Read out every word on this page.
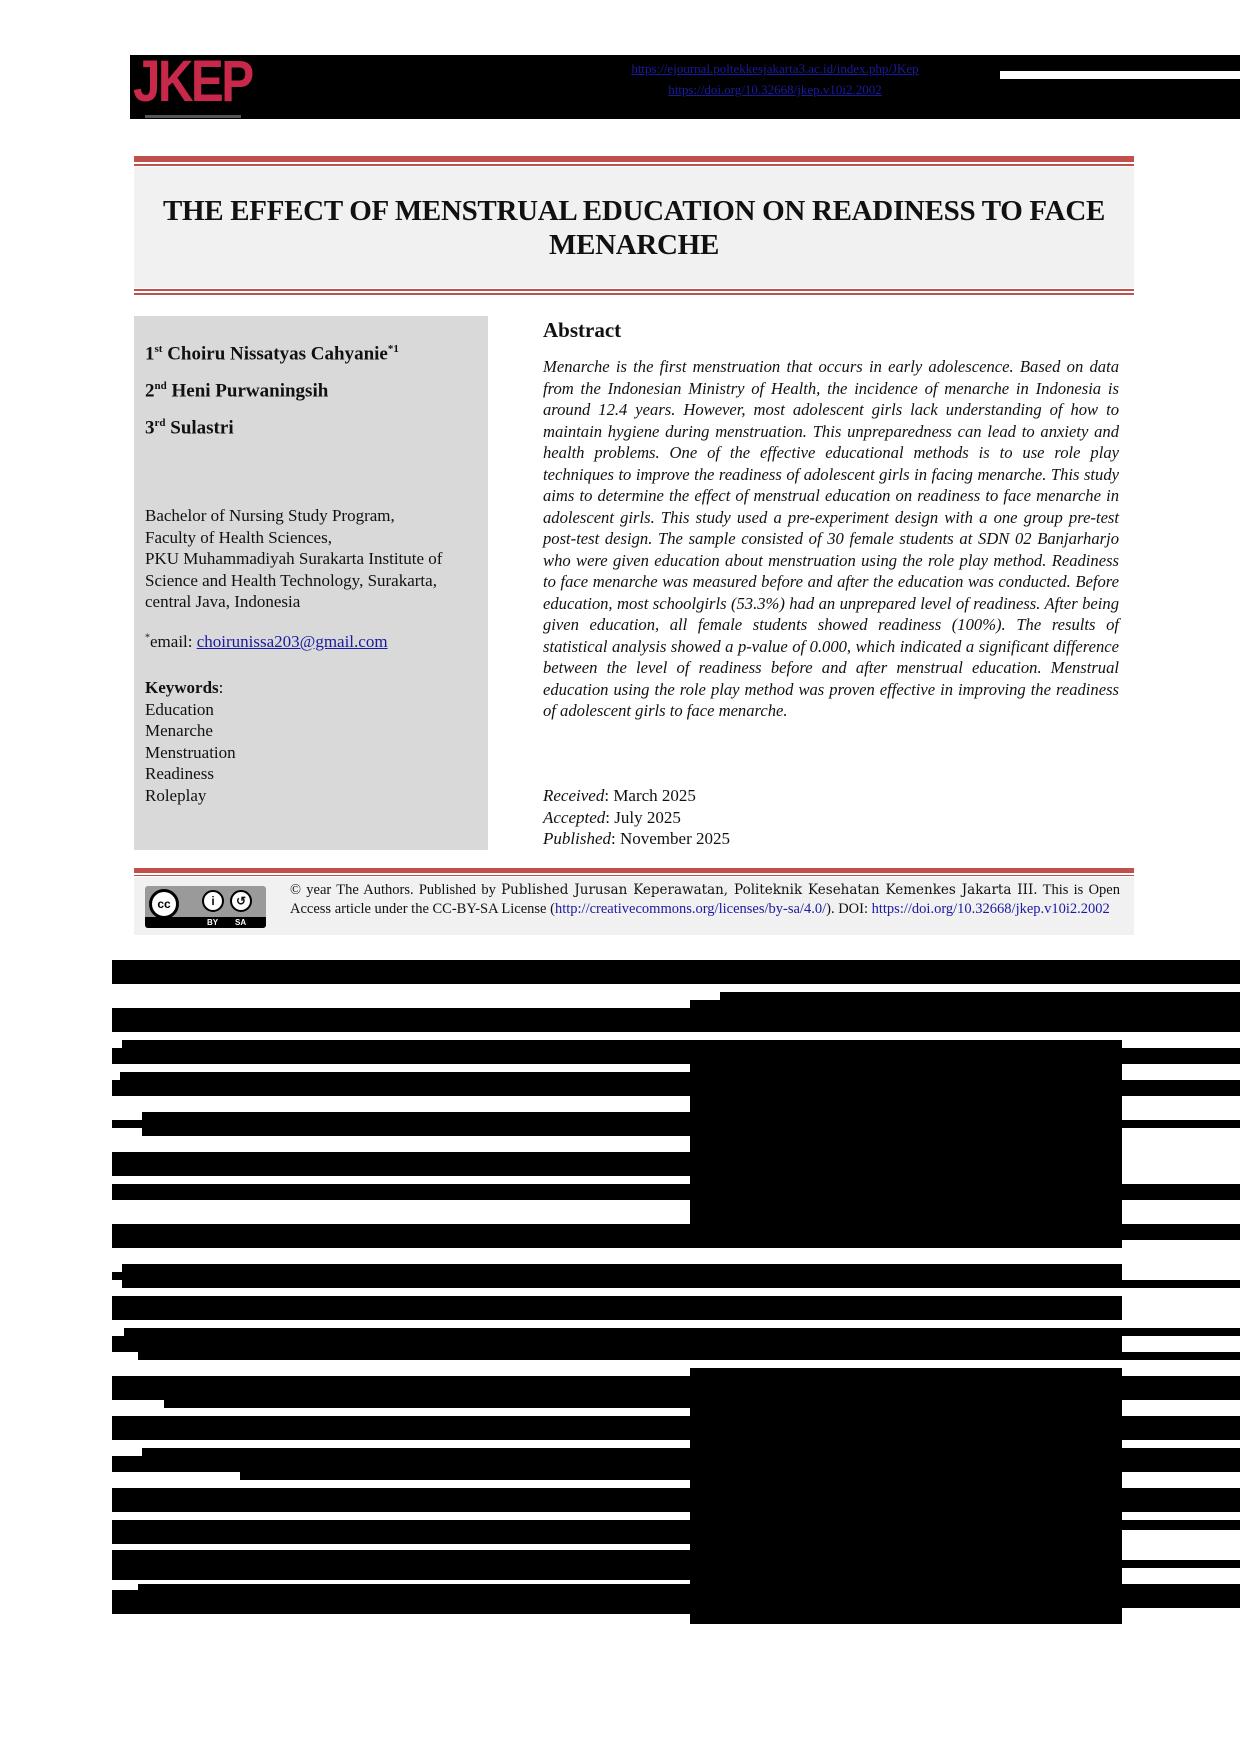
JKEP	https://ejournal.poltekkesjakarta3.ac.id/index.php/JKep
https://doi.org/10.32668/jkep.v10i2.2002
THE EFFECT OF MENSTRUAL EDUCATION ON READINESS TO FACE MENARCHE
1st Choiru Nissatyas Cahyanie$^{*1}$
2nd Heni Purwaningsih
3rd Sulastri
Bachelor of Nursing Study Program,
Faculty of Health Sciences,
PKU Muhammadiyah Surakarta Institute of
Science and Health Technology, Surakarta,
central Java, Indonesia
*email: choirunissa203@gmail.com
Keywords:
Education
Menarche
Menstruation
Readiness
Roleplay
Abstract
Menarche is the first menstruation that occurs in early adolescence. Based on data from the Indonesian Ministry of Health, the incidence of menarche in Indonesia is around 12.4 years. However, most adolescent girls lack understanding of how to maintain hygiene during menstruation. This unpreparedness can lead to anxiety and health problems. One of the effective educational methods is to use role play techniques to improve the readiness of adolescent girls in facing menarche. This study aims to determine the effect of menstrual education on readiness to face menarche in adolescent girls. This study used a pre-experiment design with a one group pre-test post-test design. The sample consisted of 30 female students at SDN 02 Banjarharjo who were given education about menstruation using the role play method. Readiness to face menarche was measured before and after the education was conducted. Before education, most schoolgirls (53.3%) had an unprepared level of readiness. After being given education, all female students showed readiness (100%). The results of statistical analysis showed a p-value of 0.000, which indicated a significant difference between the level of readiness before and after menstrual education. Menstrual education using the role play method was proven effective in improving the readiness of adolescent girls to face menarche.
Received: March 2025
Accepted: July 2025
Published: November 2025
cc	i	↺
BY SA
© year The Authors. Published by Published Jurusan Keperawatan, Politeknik Kesehatan Kemenkes Jakarta III. This is Open Access article under the CC-BY-SA License (http://creativecommons.org/licenses/by-sa/4.0/). DOI: https://doi.org/10.32668/jkep.v10i2.2002
